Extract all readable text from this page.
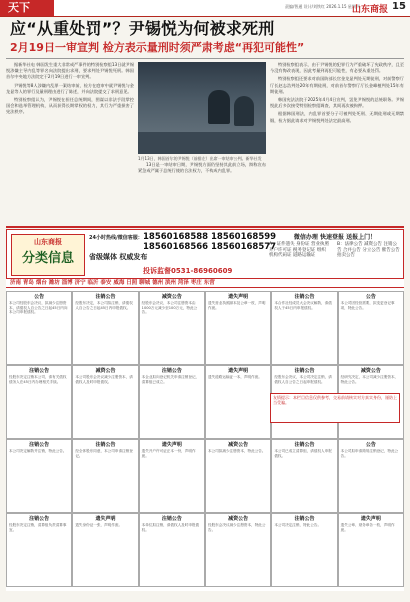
天下	责编/智通 设计/刘铁红 2026.1.15 星期四
山东商报 15
应“从重处罚”？尹锡悦为何被求死刑
2月19日一审宣判 检方表示量刑时须严肃考虑“再犯可能性”

据新华社电 韩国发生重大非常戒严事件的特别检察组13日就尹锡悦涉嫌主导内乱等罪名向法院提出求刑，要求判处尹锡悦死刑。韩国首尔中央地方法院定于2月19日进行一审宣判。

尹锡悦等8人涉嫌内乱罪一案结审前，检方在庭审中就尹锡悦与金龙显等人的罪行及量刑理由进行了陈述，并向法院提交了求刑意见。

特别检察组认为，尹锡悦在担任总统期间，图谋以非法手段掌控国会和选举管理机构，从而获得长期掌权的权力，其行为严重损害了宪法秩序。

1月13日，韩国首尔的尹锡悦（前排左）出席一审结审公判。新华社发

13日是一审结审日期，尹锡悦方面仍坚持其此前立场，辩称宣布紧急戒严属于总统行使的合法权力，不构成内乱罪。

特别检察组表示，由于尹锡悦的犯罪行为严重破坏了宪政秩序，且至今没有悔改表现，因此考量到再犯可能性，有必要从重处罚。

特别检察组还要求对前国防部长官金龙显判处无期徒刑，对前警察厅厅长赵志浩判处20年有期徒刑，对前首尔警察厅厅长金峰植判处15年有期徒刑。

韩国宪法法院于2025年4月4日宣判，罢免尹锡悦的总统职务。尹锡悦此后多次接受特别检察组调查，其间再次被拘押。

根据韩国刑法，内乱罪首要分子可被判处死刑、无期徒刑或无期禁锢，检方据此请求对尹锡悦判处法定最高刑。

山东商报
分类信息
24小时热线/微信客服： 18560168588 18560168599
18560168566 18560168577
省级媒体 权威发布
投诉监督0531-86960609
微信办理 快速登报 送报上门！
A：证件遗失 身份证 营业执照 开户许可证 税务登记证 组织机构代码证 道路运输证
B：法律公告 减资公告 注销公告 合并公告 分立公告 催告公告 拍卖公告
济南 青岛 烟台 潍坊 淄博 济宁 临沂 泰安 威海 日照 聊城 德州 滨州 菏泽 枣庄 东营
公告
本公司经股东会决议，拟减少注册资本，请债权人自公告之日起45日内向本公司申报债权。
注销公告
经股东决定，本公司拟注销，请债权人自公告之日起45日内申报债权。
减资公告
经股东会决议，本公司注册资本由1000万元减少至100万元，特此公告。
遗失声明
遗失营业执照副本及公章一枚，声明作废。
注销公告
本合作社经成员大会决议解散，请债权人于45日内申报债权。
公告
本公司因经营需要，拟变更登记事项，特此公告。
注销公告
经股东决定注销本公司，请有关债权债务人在45日内办理相关手续。
减资公告
本公司股东会决议减少注册资本，请债权人及时申报债权。
注销公告
本企业拟向登记机关申请注销登记，清算组已成立。
遗失声明
遗失道路运输证一本，声明作废。
注销公告
经股东会决议，本公司决定注销，请债权人自公告之日起申报债权。
减资公告
经研究决定，本公司减少注册资本，特此公告。
注销公告
本公司决定解散并注销，特此公告。
注销公告
经全体股东同意，本公司申请注销登记。
遗失声明
遗失开户许可证正本一份，声明作废。
减资公告
本公司拟减少注册资本，特此公告。
注销公告
本公司已成立清算组，请债权人申报债权。
公告
本公司拟申请简易注销登记，特此公告。
注销公告
经股东决定注销，清算组负责清算事宜。
遗失声明
遗失身份证一张，声明作废。
注销公告
本单位拟注销，请债权人及时申报债权。
减资公告
经股东会决议减少注册资本，特此公告。
注销公告
本公司决定注销，特此公告。
遗失声明
遗失公章、财务章各一枚，声明作废。
友情提示：本栏目信息仅供参考，交易前请核实对方真实身份，谨防上当受骗。
